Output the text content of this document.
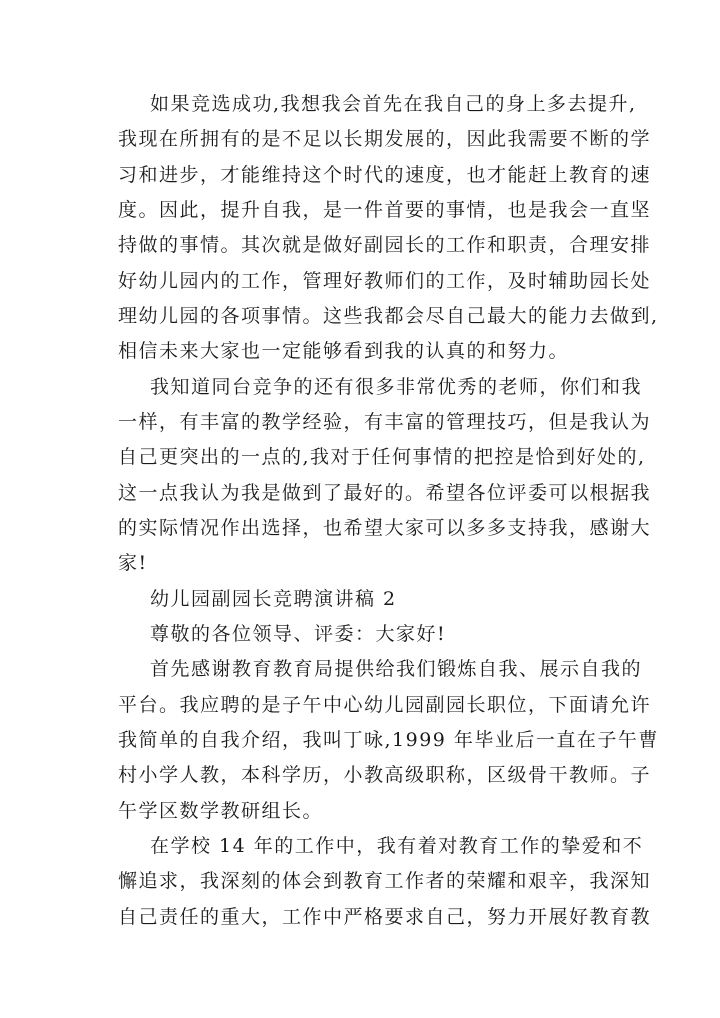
如果竞选成功,我想我会首先在我自己的身上多去提升,
我现在所拥有的是不足以长期发展的，因此我需要不断的学
习和进步，才能维持这个时代的速度，也才能赶上教育的速
度。因此，提升自我，是一件首要的事情，也是我会一直坚
持做的事情。其次就是做好副园长的工作和职责，合理安排
好幼儿园内的工作，管理好教师们的工作，及时辅助园长处
理幼儿园的各项事情。这些我都会尽自己最大的能力去做到,
相信未来大家也一定能够看到我的认真的和努力。
我知道同台竞争的还有很多非常优秀的老师，你们和我
一样，有丰富的教学经验，有丰富的管理技巧，但是我认为
自己更突出的一点的,我对于任何事情的把控是恰到好处的,
这一点我认为我是做到了最好的。希望各位评委可以根据我
的实际情况作出选择，也希望大家可以多多支持我，感谢大
家!
幼儿园副园长竞聘演讲稿 2
尊敬的各位领导、评委：大家好!
首先感谢教育教育局提供给我们锻炼自我、展示自我的
平台。我应聘的是子午中心幼儿园副园长职位，下面请允许
我简单的自我介绍，我叫丁咏,1999 年毕业后一直在子午曹
村小学人教，本科学历，小教高级职称，区级骨干教师。子
午学区数学教研组长。
在学校 14 年的工作中，我有着对教育工作的挚爱和不
懈追求，我深刻的体会到教育工作者的荣耀和艰辛，我深知
自己责任的重大，工作中严格要求自己，努力开展好教育教
